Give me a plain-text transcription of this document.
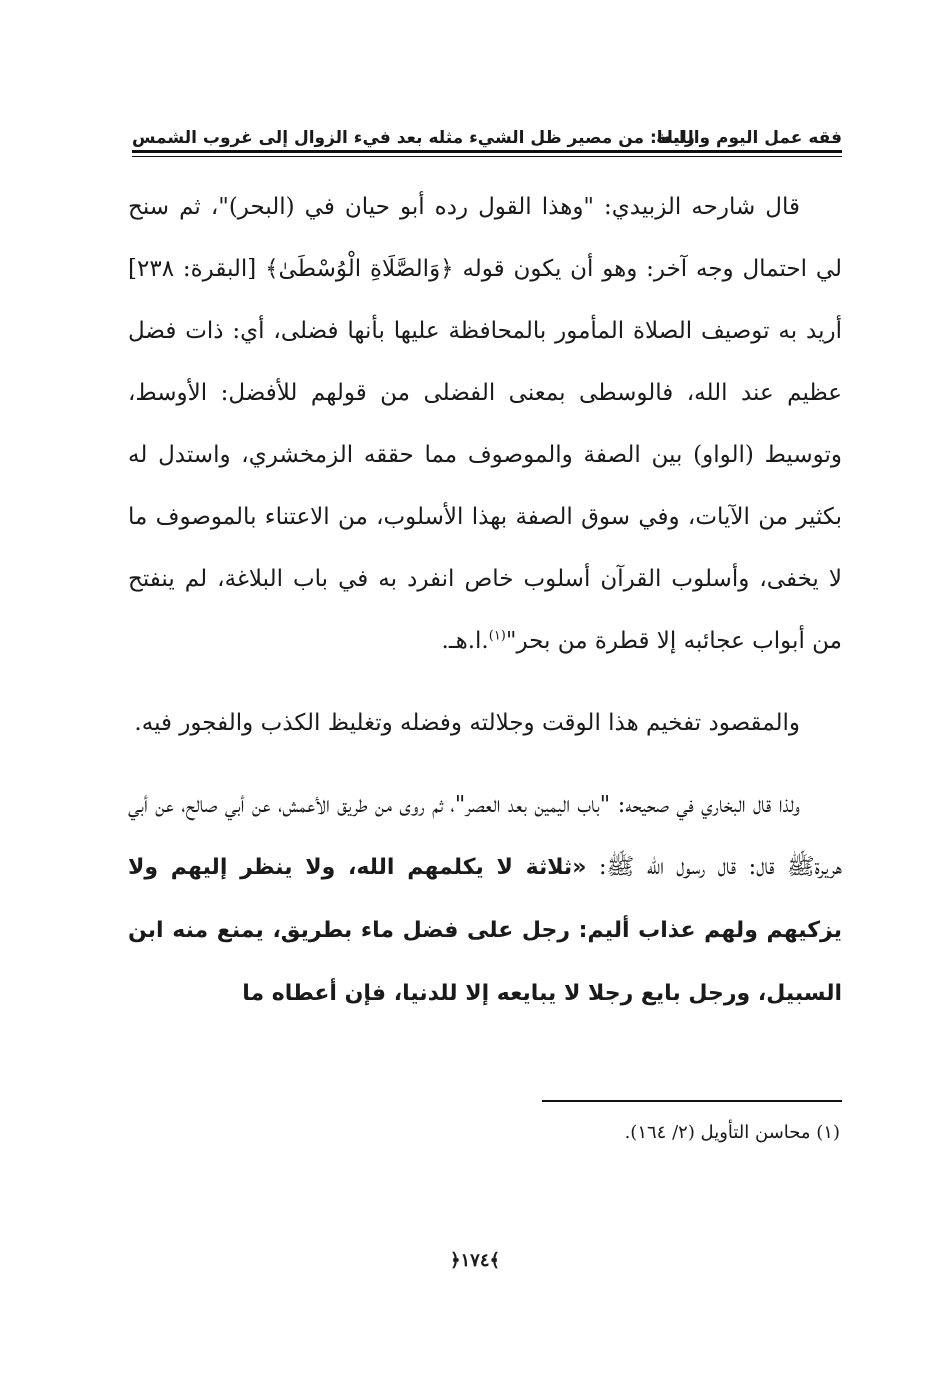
فقه عمل اليوم والليلة
رابعا: من مصير ظل الشيء مثله بعد فيء الزوال إلى غروب الشمس

قال شارحه الزبيدي: "وهذا القول رده أبو حيان في (البحر)"، ثم سنح لي احتمال وجه آخر: وهو أن يكون قوله ﴿وَالصَّلَاةِ الْوُسْطَىٰ﴾ [البقرة: ٢٣٨] أريد به توصيف الصلاة المأمور بالمحافظة عليها بأنها فضلى، أي: ذات فضل عظيم عند الله، فالوسطى بمعنى الفضلى من قولهم للأفضل: الأوسط، وتوسيط (الواو) بين الصفة والموصوف مما حققه الزمخشري، واستدل له بكثير من الآيات، وفي سوق الصفة بهذا الأسلوب، من الاعتناء بالموصوف ما لا يخفى، وأسلوب القرآن أسلوب خاص انفرد به في باب البلاغة، لم ينفتح من أبواب عجائبه إلا قطرة من بحر"$^{(١)}$.ا.هـ.

والمقصود تفخيم هذا الوقت وجلالته وفضله وتغليظ الكذب والفجور فيه.

ولذا قال البخاري في صحيحه: "باب اليمين بعد العصر"، ثم روى من طريق الأعمش، عن أبي صالح، عن أبي هريرةﷺ قال: قال رسول الله ﷺ: «ثلاثة لا يكلمهم الله، ولا ينظر إليهم ولا يزكيهم ولهم عذاب أليم: رجل على فضل ماء بطريق، يمنع منه ابن السبيل، ورجل بايع رجلا لا يبايعه إلا للدنيا، فإن أعطاه ما

(١) محاسن التأويل (٢/ ١٦٤).
﴿١٧٤﴾
